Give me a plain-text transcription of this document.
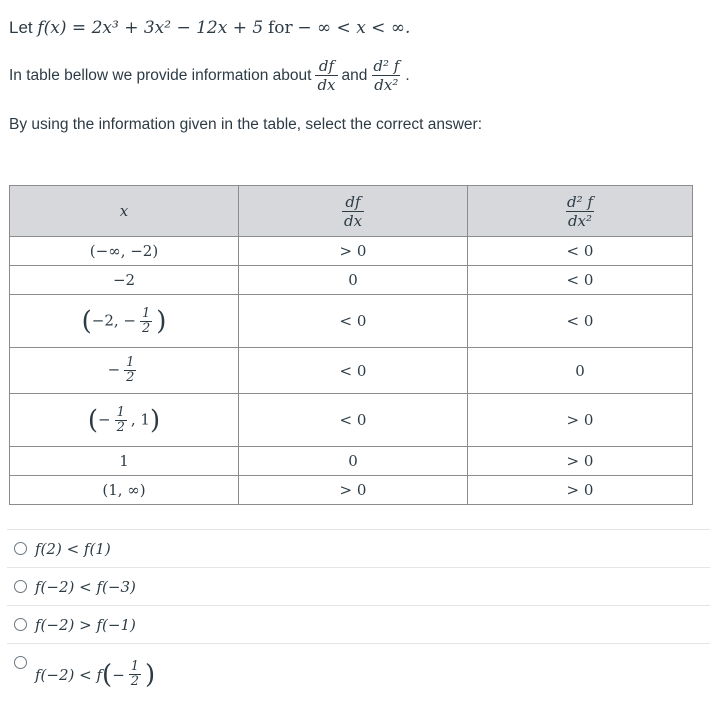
Let f(x) = 2x³ + 3x² − 12x + 5 for − ∞ < x < ∞.
In table bellow we provide information about $\frac{df}{dx}$ and $\frac{\text{d² f}}{\text{dx²}}$ .
By using the information given in the table, select the correct answer:
x	$\frac{df}{dx}$	$\frac{\text{d² f}}{\text{dx²}}$

(−∞, −2)	> 0	< 0
−2	0	< 0
(−2, − $\frac{1}{2}$ )	< 0	< 0
− $\frac{1}{2}$	< 0	0
(− $\frac{1}{2}$ , 1)	< 0	> 0
1	0	> 0
(1, ∞)	> 0	> 0
f(2) < f(1)
f(−2) < f(−3)
f(−2) > f(−1)
f(−2) < f ( − $\frac{1}{2}$ )
